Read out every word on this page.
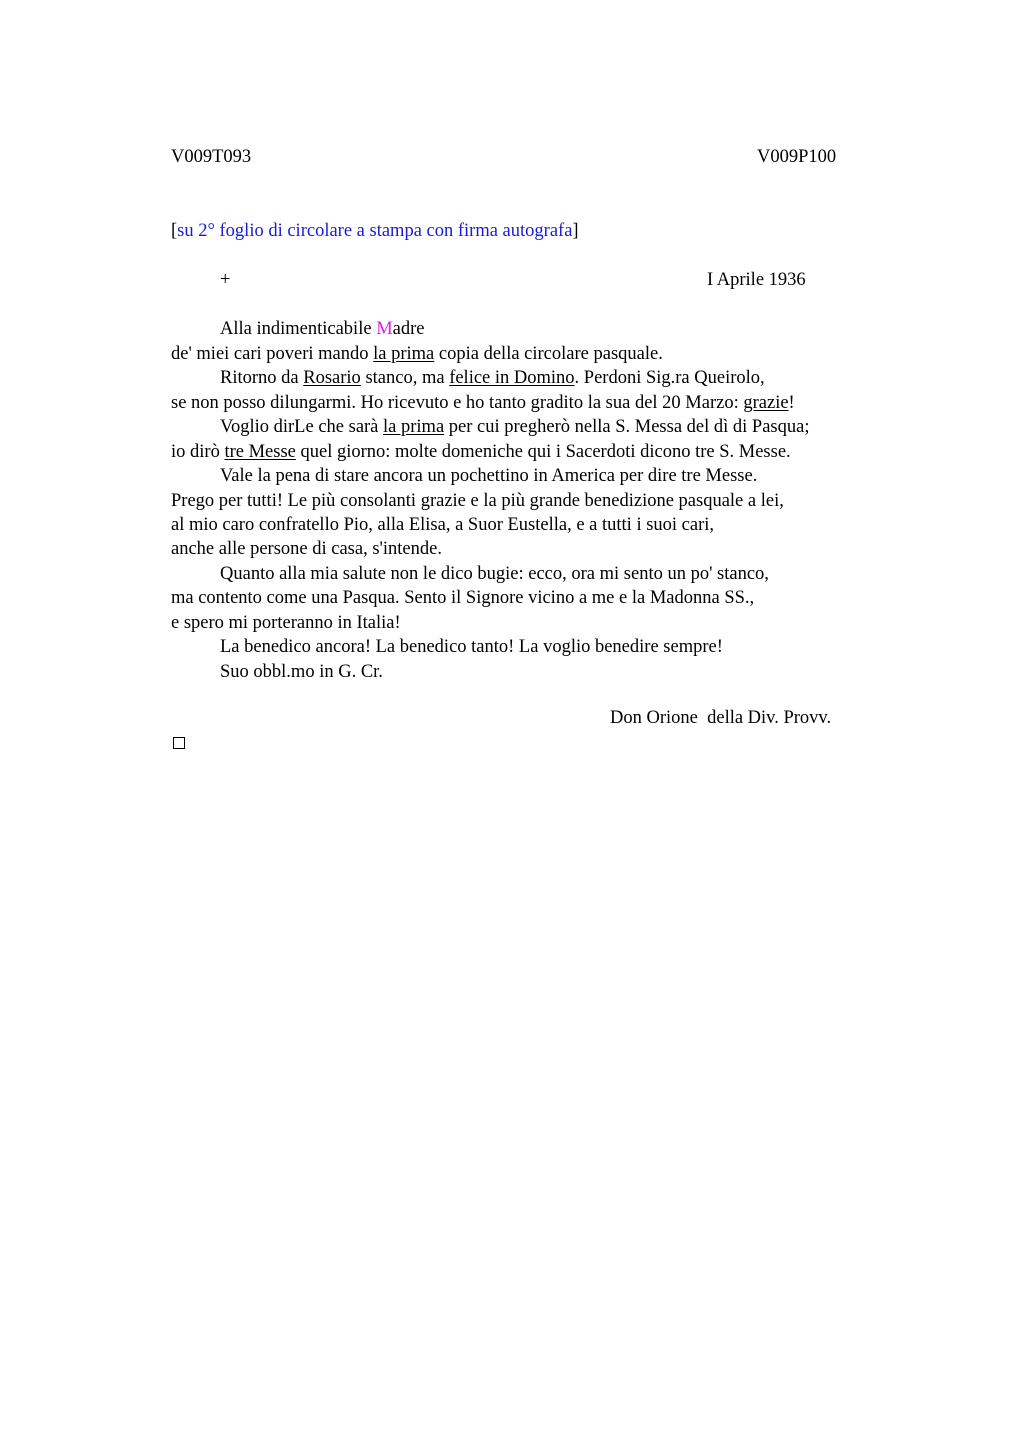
V009T093	V009P100
[su 2° foglio di circolare a stampa con firma autografa]
+	I Aprile 1936
Alla indimenticabile Madre
de' miei cari poveri mando la prima copia della circolare pasquale.
Ritorno da Rosario stanco, ma felice in Domino. Perdoni Sig.ra Queirolo,
se non posso dilungarmi. Ho ricevuto e ho tanto gradito la sua del 20 Marzo: grazie!
Voglio dirLe che sarà la prima per cui pregherò nella S. Messa del dì di Pasqua;
io dirò tre Messe quel giorno: molte domeniche qui i Sacerdoti dicono tre S. Messe.
Vale la pena di stare ancora un pochettino in America per dire tre Messe.
Prego per tutti! Le più consolanti grazie e la più grande benedizione pasquale a lei,
al mio caro confratello Pio, alla Elisa, a Suor Eustella, e a tutti i suoi cari,
anche alle persone di casa, s'intende.
Quanto alla mia salute non le dico bugie: ecco, ora mi sento un po' stanco,
ma contento come una Pasqua. Sento il Signore vicino a me e la Madonna SS.,
e spero mi porteranno in Italia!
La benedico ancora! La benedico tanto! La voglio benedire sempre!
Suo obbl.mo in G. Cr.
Don Orione  della Div. Provv.
